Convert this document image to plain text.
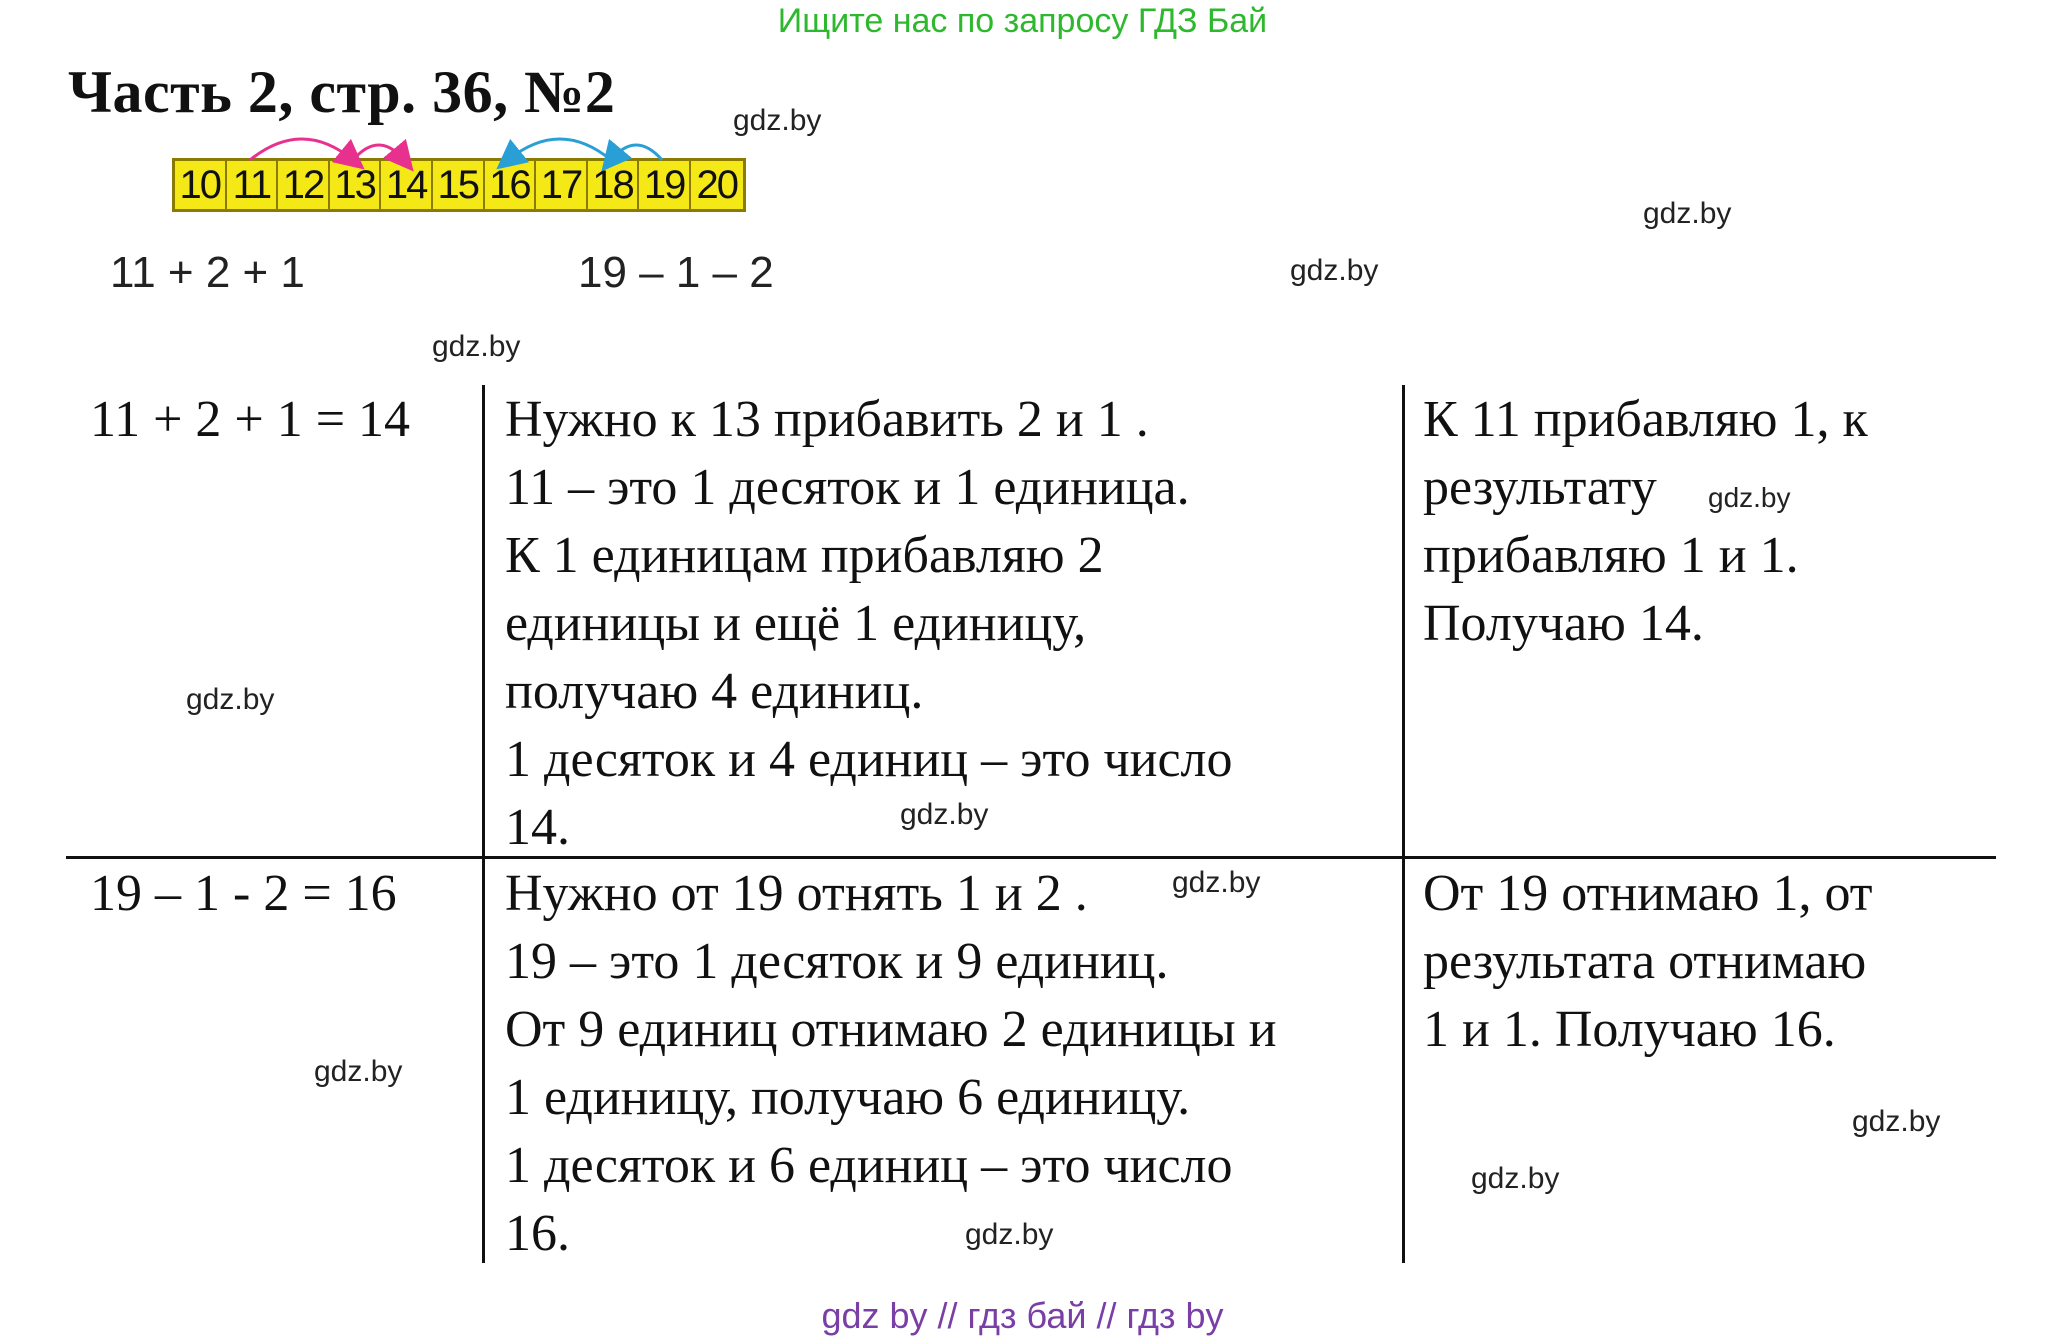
Ищите нас по запросу ГДЗ Бай
Часть 2, стр. 36, №2
10 11 12 13 14 15 16 17 18 19 20
11 + 2 + 1	19 – 1 – 2
gdz.by
gdz.by
gdz.by
gdz.by
gdz.by
gdz.by
gdz.by
gdz.by
gdz.by
gdz.by
gdz.by
gdz.by
11 + 2 + 1 = 14 Нужно к 13 прибавить 2 и 1 .
11 – это 1 десяток и 1 единица.
К 1 единицам прибавляю 2
единицы и ещё 1 единицу,
получаю 4 единиц.
1 десяток и 4 единиц – это число
14.
К 11 прибавляю 1, к
результату
прибавляю 1 и 1.
Получаю 14.
19 – 1 - 2 = 16 Нужно от 19 отнять 1 и 2 .
19 – это 1 десяток и 9 единиц.
От 9 единиц отнимаю 2 единицы и
1 единицу, получаю 6 единицу.
1 десяток и 6 единиц – это число
16.
От 19 отнимаю 1, от
результата отнимаю
1 и 1. Получаю 16.
gdz by // гдз бай // гдз by
